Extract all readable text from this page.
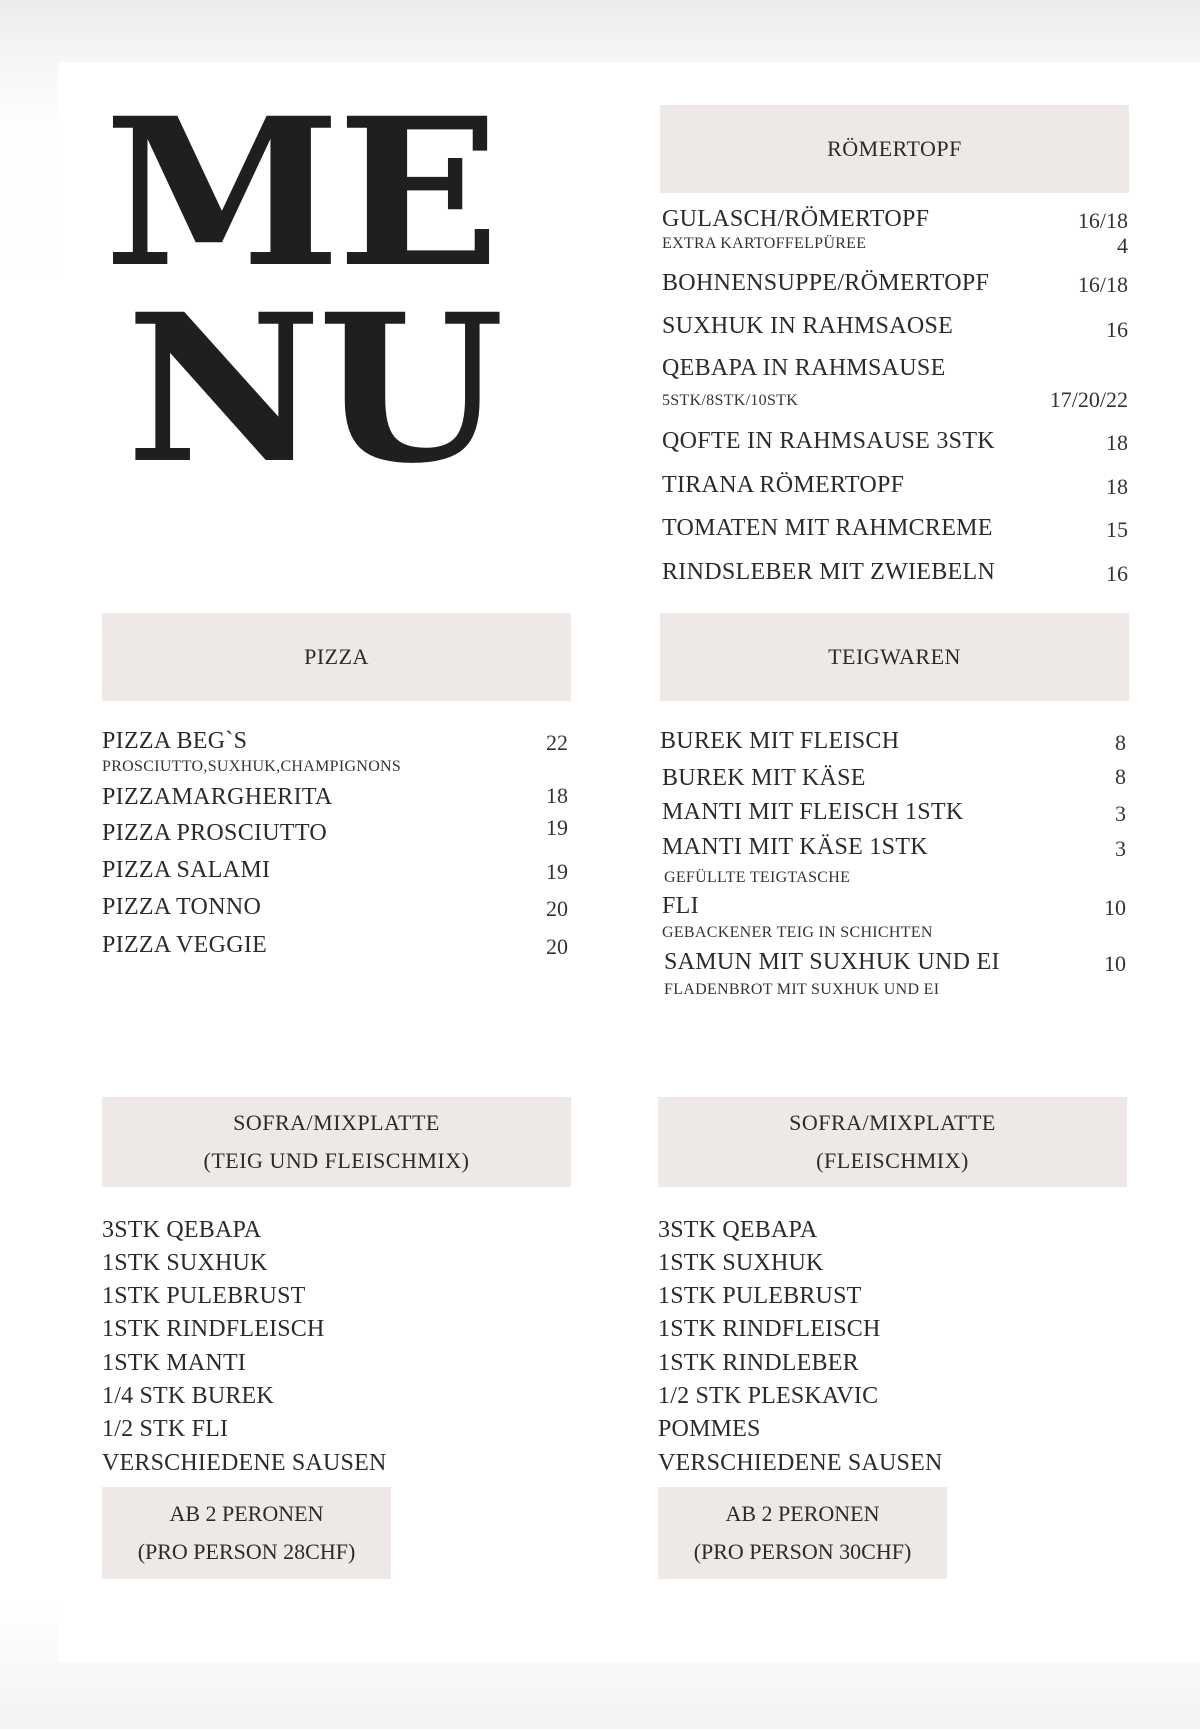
ME
NU
RÖMERTOPF
GULASCH/RÖMERTOPF	16/18
EXTRA KARTOFFELPÜREE	4
BOHNENSUPPE/RÖMERTOPF	16/18
SUXHUK IN RAHMSAOSE	16
QEBAPA IN RAHMSAUSE
5STK/8STK/10STK	17/20/22
QOFTE IN RAHMSAUSE 3STK	18
TIRANA RÖMERTOPF	18
TOMATEN MIT RAHMCREME	15
RINDSLEBER MIT ZWIEBELN	16
PIZZA
PIZZA BEG`S	22
PROSCIUTTO,SUXHUK,CHAMPIGNONS
PIZZAMARGHERITA	18
PIZZA PROSCIUTTO	19
PIZZA SALAMI	19
PIZZA TONNO	20
PIZZA VEGGIE	20
TEIGWAREN
BUREK MIT FLEISCH	8
BUREK MIT KÄSE	8
MANTI MIT FLEISCH 1STK	3
MANTI MIT KÄSE 1STK	3
GEFÜLLTE TEIGTASCHE
FLI	10
GEBACKENER TEIG IN SCHICHTEN
SAMUN MIT SUXHUK UND EI	10
FLADENBROT MIT SUXHUK UND EI
SOFRA/MIXPLATTE
(TEIG UND FLEISCHMIX)
3STK QEBAPA
1STK SUXHUK
1STK PULEBRUST
1STK RINDFLEISCH
1STK MANTI
1/4 STK BUREK
1/2 STK FLI
VERSCHIEDENE SAUSEN
AB 2 PERONEN
(PRO PERSON 28CHF)
SOFRA/MIXPLATTE
(FLEISCHMIX)
3STK QEBAPA
1STK SUXHUK
1STK PULEBRUST
1STK RINDFLEISCH
1STK RINDLEBER
1/2 STK PLESKAVIC
POMMES
VERSCHIEDENE SAUSEN
AB 2 PERONEN
(PRO PERSON 30CHF)
